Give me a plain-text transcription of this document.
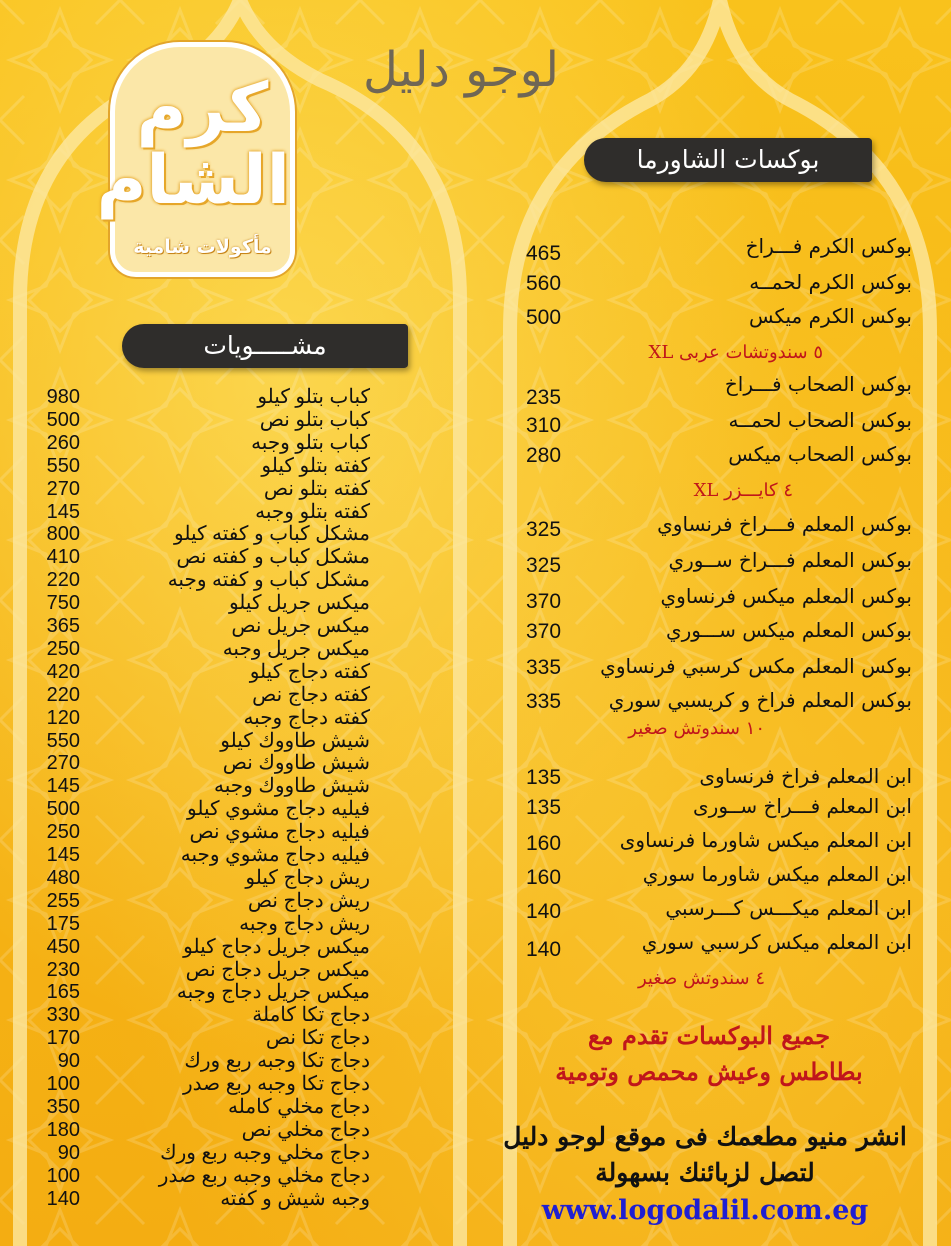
لوجو دليل
كرم
الشام
مأكولات شامية
بوكسات الشاورما
مشـــــويات
بوكس الكرم فـــراخ
465
بوكس الكرم لحمــه
560
بوكس الكرم ميكس
500
بوكس الصحاب فـــراخ
235
بوكس الصحاب لحمــه
310
بوكس الصحاب ميكس
280
بوكس المعلم فـــراخ فرنساوي
325
بوكس المعلم فـــراخ ســوري
325
بوكس المعلم ميكس فرنساوي
370
بوكس المعلم ميكس ســـوري
370
بوكس المعلم مكس كرسبي فرنساوي
335
بوكس المعلم فراخ و كريسبي سوري
335
ابن المعلم فراخ فرنساوى
135
ابن المعلم فـــراخ ســورى
135
ابن المعلم ميكس شاورما فرنساوى
160
ابن المعلم ميكس شاورما سوري
160
ابن المعلم ميكـــس كـــرسبي
140
ابن المعلم ميكس كرسبي سوري
140
٥ سندوتشات عربى XL
٤ كايـــزر XL
١٠ سندوتش صغير
٤ سندوتش صغير
جميع البوكسات تقدم مع
بطاطس وعيش محمص وتومية
كباب بتلو كيلو
980
كباب بتلو نص
500
كباب بتلو وجبه
260
كفته بتلو كيلو
550
كفته بتلو نص
270
كفته بتلو وجبه
145
مشكل كباب و كفته كيلو
800
مشكل كباب و كفته نص
410
مشكل كباب و كفته وجبه
220
ميكس جريل كيلو
750
ميكس جريل نص
365
ميكس جريل وجبه
250
كفته دجاج كيلو
420
كفته دجاج نص
220
كفته دجاج وجبه
120
شيش طاووك كيلو
550
شيش طاووك نص
270
شيش طاووك وجبه
145
فيليه دجاج مشوي كيلو
500
فيليه دجاج مشوي نص
250
فيليه دجاج مشوي وجبه
145
ريش دجاج كيلو
480
ريش دجاج نص
255
ريش دجاج وجبه
175
ميكس جريل دجاج كيلو
450
ميكس جريل دجاج نص
230
ميكس جريل دجاج وجبه
165
دجاج تكا كاملة
330
دجاج تكا نص
170
دجاج تكا وجبه ربع ورك
90
دجاج تكا وجبه ربع صدر
100
دجاج مخلي كامله
350
دجاج مخلي نص
180
دجاج مخلي وجبه ربع ورك
90
دجاج مخلي وجبه ربع صدر
100
وجبه شيش و كفته
140
انشر منيو مطعمك فى موقع لوجو دليل
لتصل لزبائنك بسهولة
www.logodalil.com.eg
